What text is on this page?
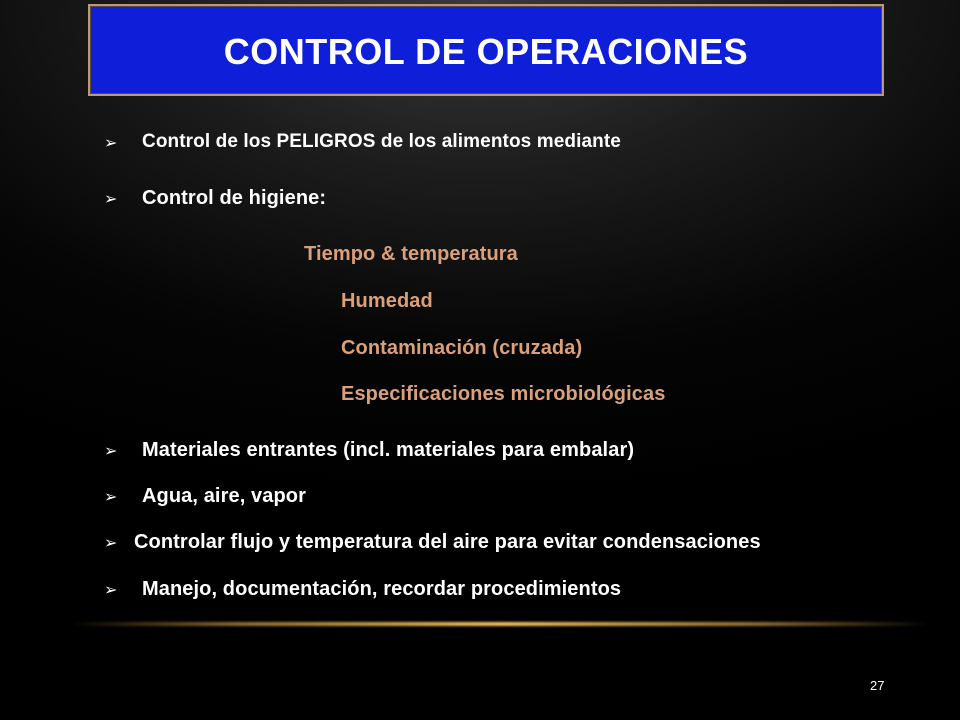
CONTROL DE OPERACIONES
➢ Control de los PELIGROS de los alimentos mediante
➢ Control de higiene:
Tiempo & temperatura
Humedad
Contaminación (cruzada)
Especificaciones microbiológicas
➢ Materiales entrantes (incl. materiales para embalar)
➢ Agua, aire, vapor
➢ Controlar flujo y temperatura del aire para evitar condensaciones
➢ Manejo, documentación, recordar procedimientos
27
